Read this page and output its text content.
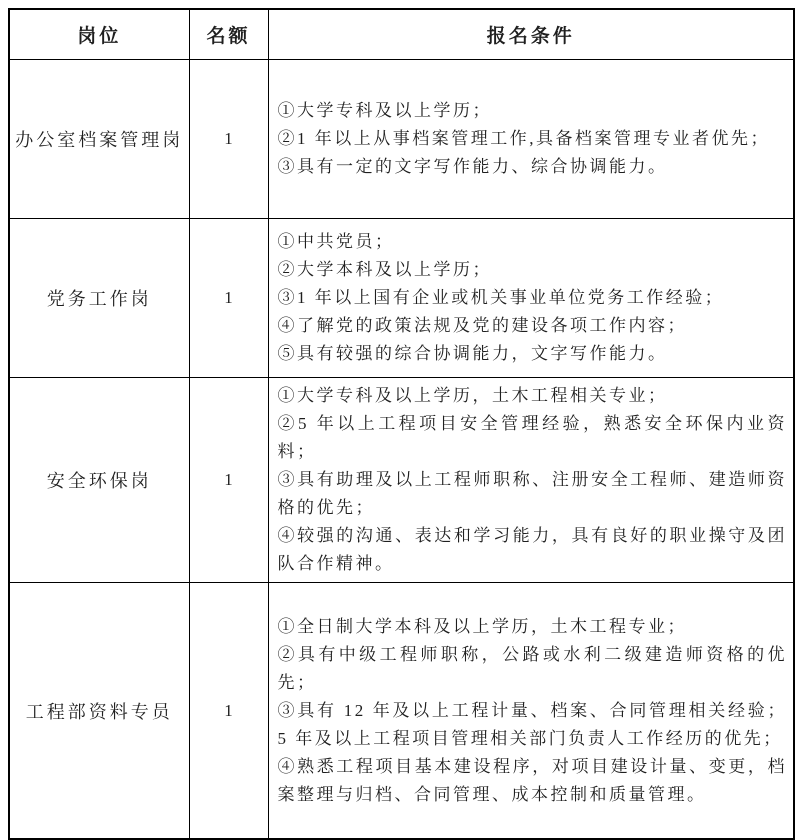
岗位	名额	报名条件
办公室档案管理岗	1	①大学专科及以上学历；
②1 年以上从事档案管理工作,具备档案管理专业者优先；
③具有一定的文字写作能力、综合协调能力。

党务工作岗	1	①中共党员；
②大学本科及以上学历；
③1 年以上国有企业或机关事业单位党务工作经验；
④了解党的政策法规及党的建设各项工作内容；
⑤具有较强的综合协调能力，文字写作能力。

安全环保岗	1	①大学专科及以上学历，土木工程相关专业；
②5 年以上工程项目安全管理经验，熟悉安全环保内业资料；
③具有助理及以上工程师职称、注册安全工程师、建造师资格的优先；
④较强的沟通、表达和学习能力，具有良好的职业操守及团队合作精神。

工程部资料专员	1	①全日制大学本科及以上学历，土木工程专业；
②具有中级工程师职称，公路或水利二级建造师资格的优先；
③具有 12 年及以上工程计量、档案、合同管理相关经验；5 年及以上工程项目管理相关部门负责人工作经历的优先；
④熟悉工程项目基本建设程序，对项目建设计量、变更，档案整理与归档、合同管理、成本控制和质量管理。
